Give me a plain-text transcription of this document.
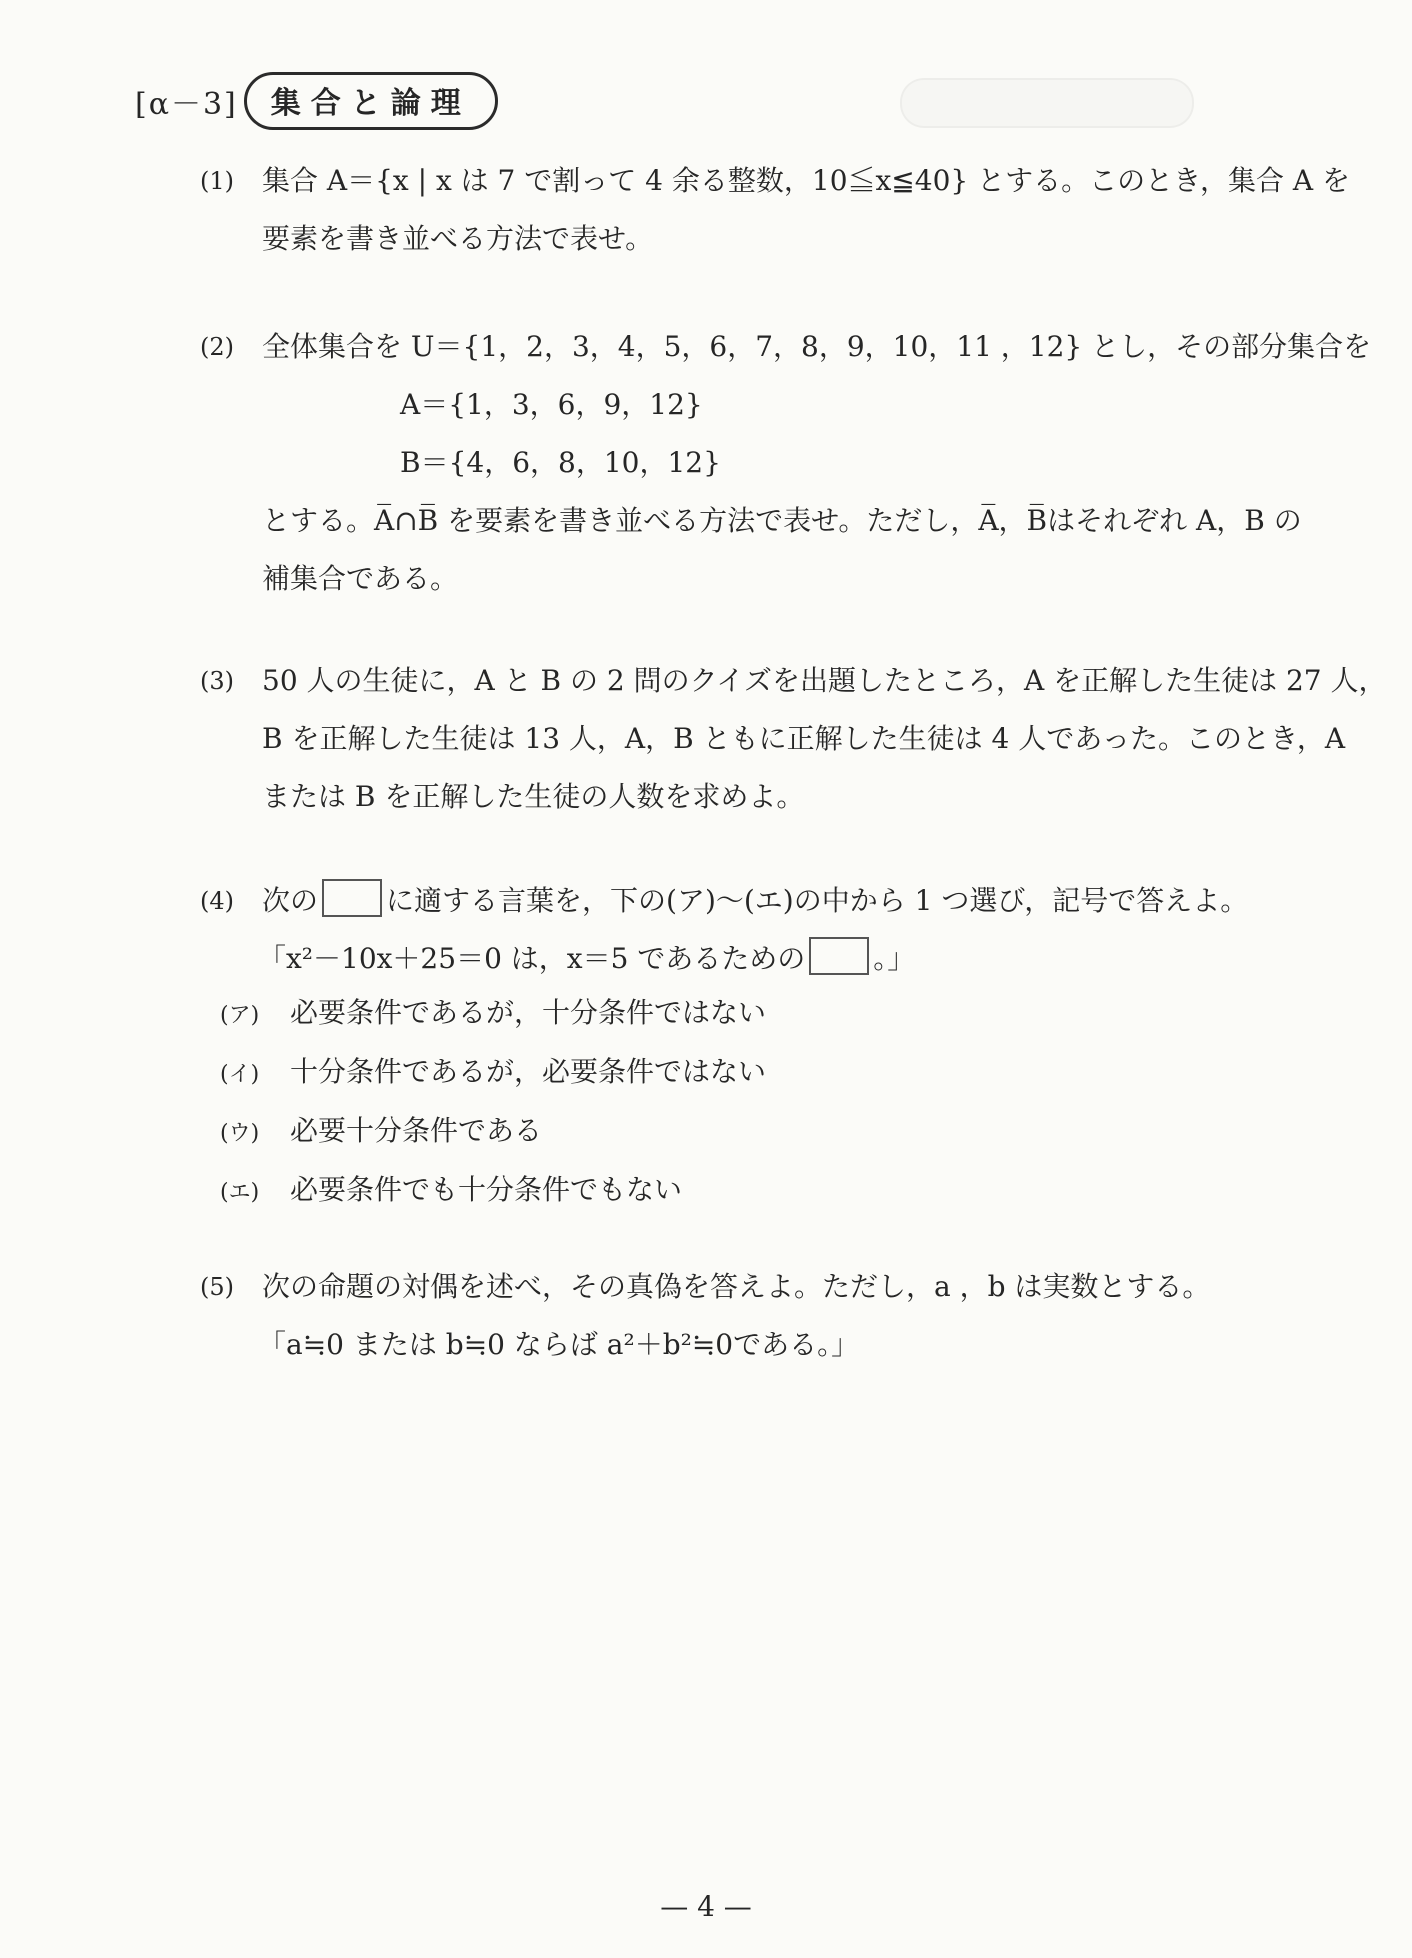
[α－3]	集合と論理
(1) 集合 A＝{x | x は 7 で割って 4 余る整数，10≦x≦40} とする。このとき，集合 A を
要素を書き並べる方法で表せ。
(2) 全体集合を U＝{1，2，3，4，5，6，7，8，9，10，11 ，12} とし，その部分集合を
A＝{1，3，6，9，12}
B＝{4，6，8，10，12}
とする。A̅∩B̅ を要素を書き並べる方法で表せ。ただし，A̅，B̅はそれぞれ A，B の
補集合である。
(3) 50 人の生徒に，A と B の 2 問のクイズを出題したところ，A を正解した生徒は 27 人，
B を正解した生徒は 13 人，A，B ともに正解した生徒は 4 人であった。このとき，A
または B を正解した生徒の人数を求めよ。
(4) 次の に適する言葉を，下の(ア)～(エ)の中から 1 つ選び，記号で答えよ。
「x²－10x＋25＝0 は，x＝5 であるための 。」
(ア) 必要条件であるが，十分条件ではない
(イ) 十分条件であるが，必要条件ではない
(ウ) 必要十分条件である
(エ) 必要条件でも十分条件でもない
(5) 次の命題の対偶を述べ，その真偽を答えよ。ただし，a ，b は実数とする。
「a≒0 または b≒0 ならば a²＋b²≒0である。」
— 4 —
